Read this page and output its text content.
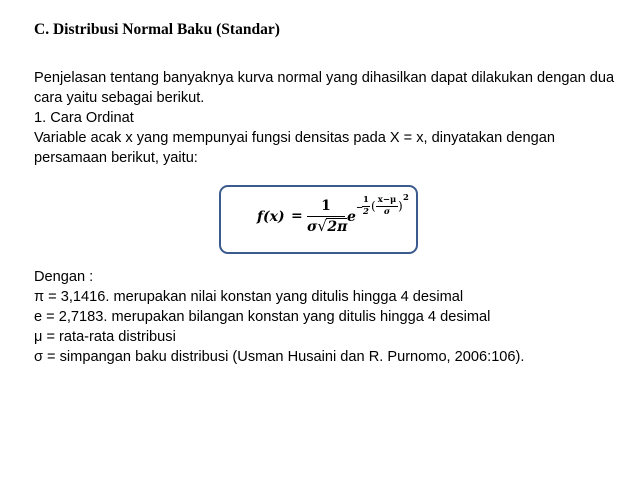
C. Distribusi Normal Baku (Standar)
Penjelasan tentang banyaknya kurva normal yang dihasilkan dapat dilakukan dengan dua
cara yaitu sebagai berikut.
1. Cara Ordinat
Variable acak x yang mempunyai fungsi densitas pada X = x, dinyatakan dengan
persamaan berikut, yaitu:
f(x) =
1
σ √ 2π
e
−
1
2 ( x−μ
σ )
2
Dengan :
π = 3,1416. merupakan nilai konstan yang ditulis hingga 4 desimal
e = 2,7183. merupakan bilangan konstan yang ditulis hingga 4 desimal
μ = rata-rata distribusi
σ = simpangan baku distribusi (Usman Husaini dan R. Purnomo, 2006:106).
